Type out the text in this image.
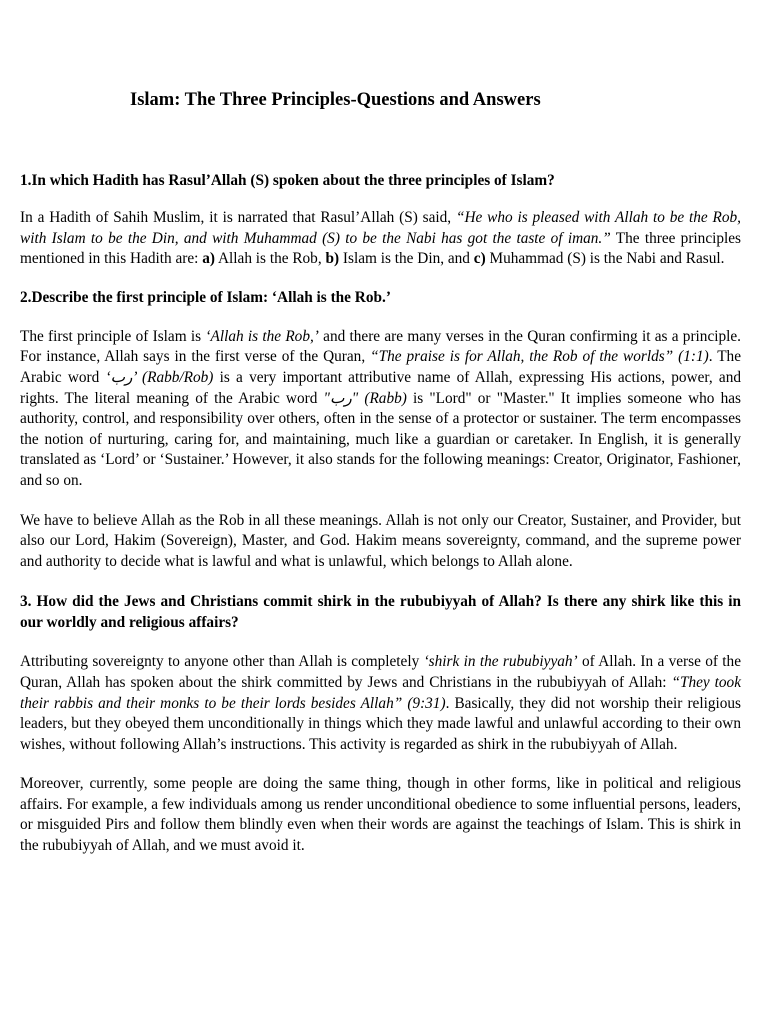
Islam: The Three Principles-Questions and Answers

1.In which Hadith has Rasul’Allah (S) spoken about the three principles of Islam?

In a Hadith of Sahih Muslim, it is narrated that Rasul’Allah (S) said, “He who is pleased with Allah to be the Rob, with Islam to be the Din, and with Muhammad (S) to be the Nabi has got the taste of iman.” The three principles mentioned in this Hadith are: a) Allah is the Rob, b) Islam is the Din, and c) Muhammad (S) is the Nabi and Rasul.

2.Describe the first principle of Islam: ‘Allah is the Rob.’

The first principle of Islam is ‘Allah is the Rob,’ and there are many verses in the Quran confirming it as a principle. For instance, Allah says in the first verse of the Quran, “The praise is for Allah, the Rob of the worlds” (1:1). The Arabic word ‘رب’ (Rabb/Rob) is a very important attributive name of Allah, expressing His actions, power, and rights. The literal meaning of the Arabic word "رب" (Rabb) is "Lord" or "Master." It implies someone who has authority, control, and responsibility over others, often in the sense of a protector or sustainer. The term encompasses the notion of nurturing, caring for, and maintaining, much like a guardian or caretaker. In English, it is generally translated as ‘Lord’ or ‘Sustainer.’ However, it also stands for the following meanings: Creator, Originator, Fashioner, and so on.

We have to believe Allah as the Rob in all these meanings. Allah is not only our Creator, Sustainer, and Provider, but also our Lord, Hakim (Sovereign), Master, and God. Hakim means sovereignty, command, and the supreme power and authority to decide what is lawful and what is unlawful, which belongs to Allah alone.

3. How did the Jews and Christians commit shirk in the rububiyyah of Allah? Is there any shirk like this in our worldly and religious affairs?

Attributing sovereignty to anyone other than Allah is completely ‘shirk in the rububiyyah’ of Allah. In a verse of the Quran, Allah has spoken about the shirk committed by Jews and Christians in the rububiyyah of Allah: “They took their rabbis and their monks to be their lords besides Allah” (9:31). Basically, they did not worship their religious leaders, but they obeyed them unconditionally in things which they made lawful and unlawful according to their own wishes, without following Allah’s instructions. This activity is regarded as shirk in the rububiyyah of Allah.

Moreover, currently, some people are doing the same thing, though in other forms, like in political and religious affairs. For example, a few individuals among us render unconditional obedience to some influential persons, leaders, or misguided Pirs and follow them blindly even when their words are against the teachings of Islam. This is shirk in the rububiyyah of Allah, and we must avoid it.
